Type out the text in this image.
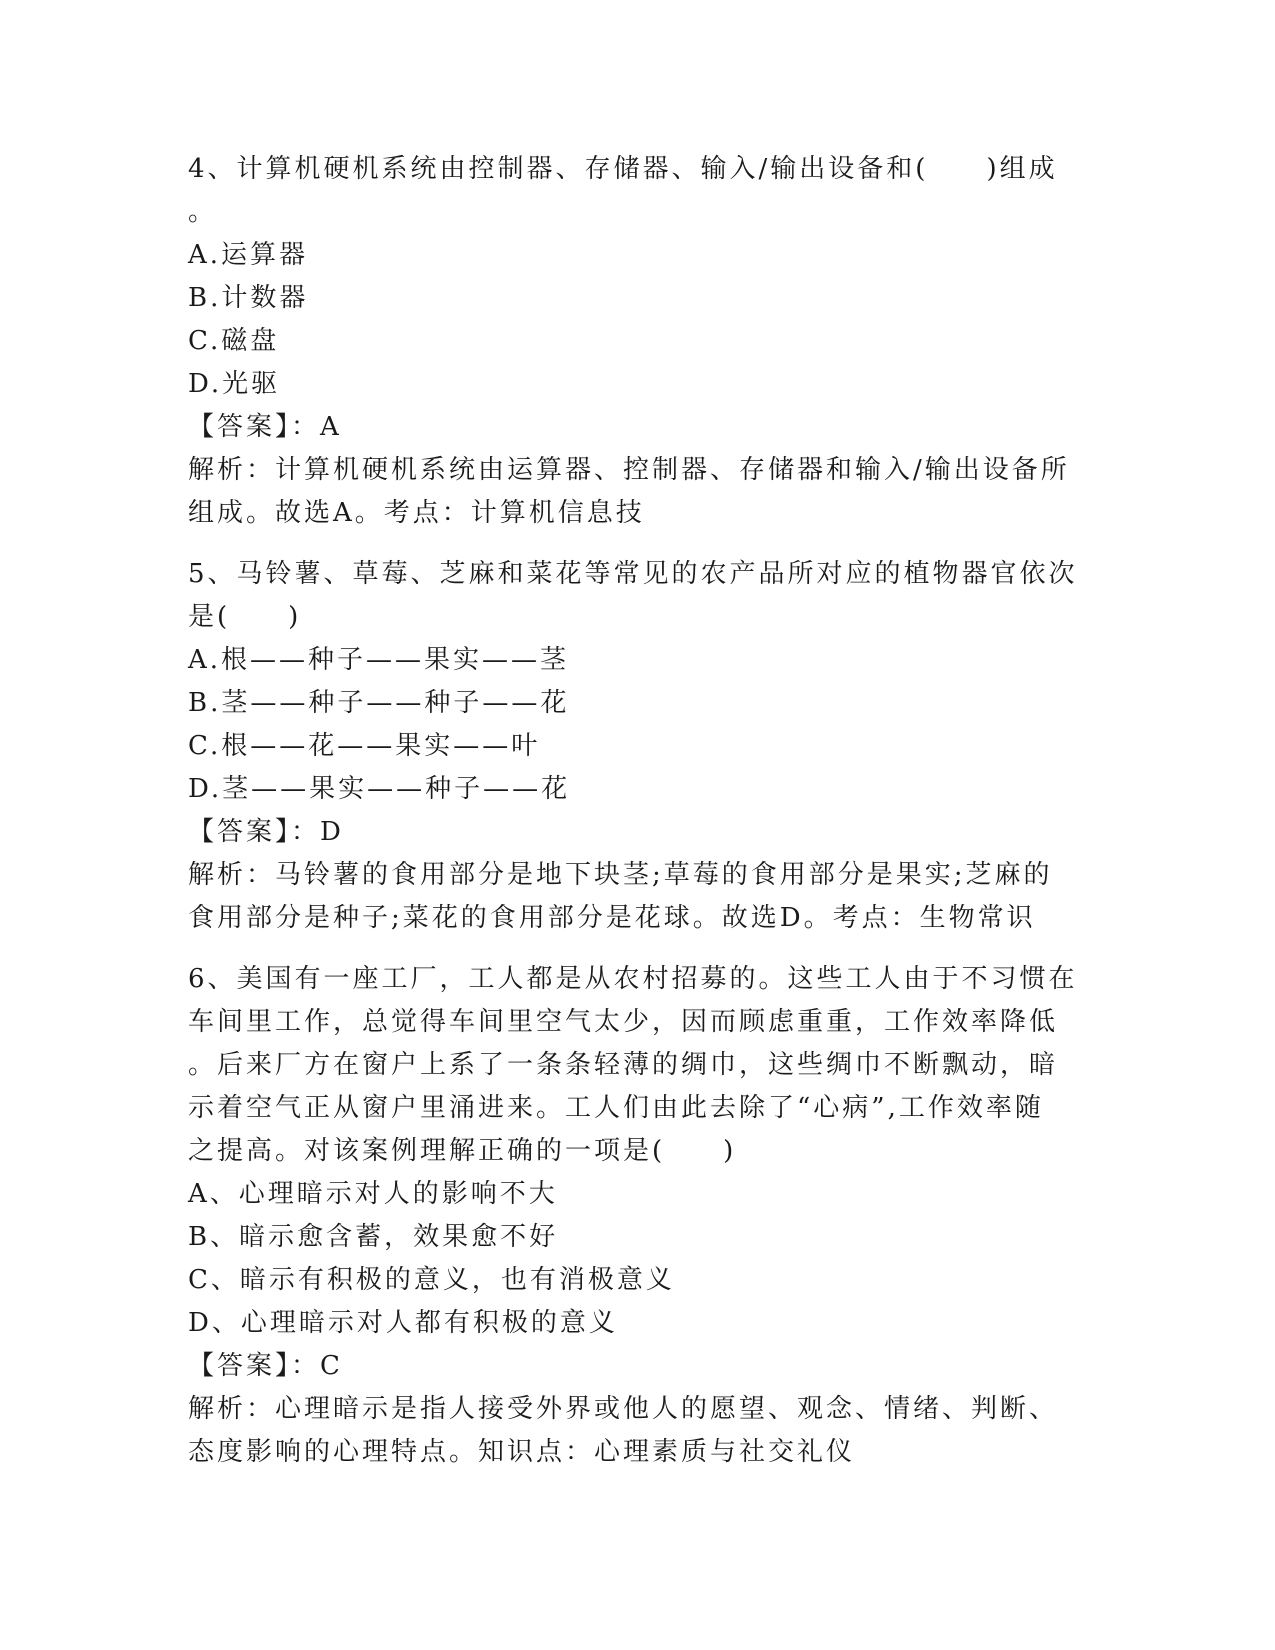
4、计算机硬机系统由控制器、存储器、输入/输出设备和(　　)组成

。

A.运算器

B.计数器

C.磁盘

D.光驱

【答案】：A

解析：计算机硬机系统由运算器、控制器、存储器和输入/输出设备所

组成。故选A。考点：计算机信息技

5、马铃薯、草莓、芝麻和菜花等常见的农产品所对应的植物器官依次

是(　　)

A.根——种子——果实——茎

B.茎——种子——种子——花

C.根——花——果实——叶

D.茎——果实——种子——花

【答案】：D

解析：马铃薯的食用部分是地下块茎;草莓的食用部分是果实;芝麻的

食用部分是种子;菜花的食用部分是花球。故选D。考点：生物常识

6、美国有一座工厂，工人都是从农村招募的。这些工人由于不习惯在

车间里工作，总觉得车间里空气太少，因而顾虑重重，工作效率降低

。后来厂方在窗户上系了一条条轻薄的绸巾，这些绸巾不断飘动，暗

示着空气正从窗户里涌进来。工人们由此去除了“心病”,工作效率随

之提高。对该案例理解正确的一项是(　　)

A、心理暗示对人的影响不大

B、暗示愈含蓄，效果愈不好

C、暗示有积极的意义，也有消极意义

D、心理暗示对人都有积极的意义

【答案】：C

解析：心理暗示是指人接受外界或他人的愿望、观念、情绪、判断、

态度影响的心理特点。知识点：心理素质与社交礼仪
